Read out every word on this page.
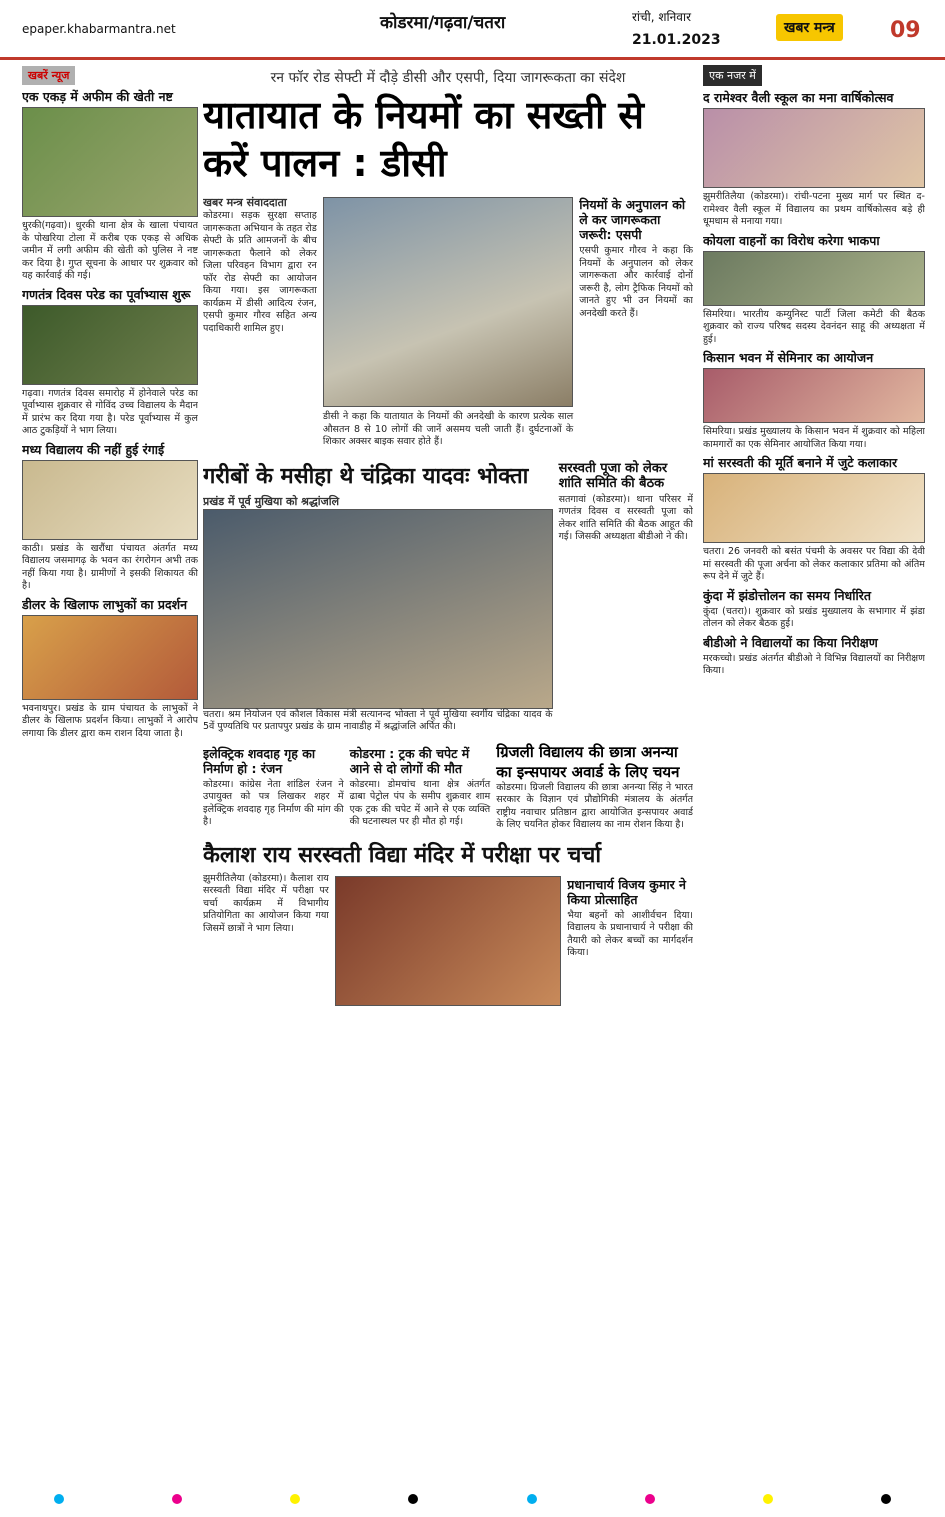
epaper.khabarmantra.net	कोडरमा/गढ़वा/चतरा	रांची, शनिवार
21.01.2023
खबर मन्त्र	09
खबरें न्यूज
एक एकड़ में अफीम की खेती नष्ट

धुरकी(गढ़वा)। धुरकी थाना क्षेत्र के खाला पंचायत के पोखरिया टोला में करीब एक एकड़ से अधिक जमीन में लगी अफीम की खेती को पुलिस ने नष्ट कर दिया है। गुप्त सूचना के आधार पर शुक्रवार को यह कार्रवाई की गई।

गणतंत्र दिवस परेड का पूर्वाभ्यास शुरू

गढ़वा। गणतंत्र दिवस समारोह में होनेवाले परेड का पूर्वाभ्यास शुक्रवार से गोविंद उच्च विद्यालय के मैदान में प्रारंभ कर दिया गया है। परेड पूर्वाभ्यास में कुल आठ टुकड़ियों ने भाग लिया।

मध्य विद्यालय की नहीं हुई रंगाई

काठी। प्रखंड के खरौंधा पंचायत अंतर्गत मध्य विद्यालय जसमागढ़ के भवन का रंगरोगन अभी तक नहीं किया गया है। ग्रामीणों ने इसकी शिकायत की है।

डीलर के खिलाफ लाभुकों का प्रदर्शन

भवनाथपुर। प्रखंड के ग्राम पंचायत के लाभुकों ने डीलर के खिलाफ प्रदर्शन किया। लाभुकों ने आरोप लगाया कि डीलर द्वारा कम राशन दिया जाता है।

रन फॉर रोड सेफ्टी में दौड़े डीसी और एसपी, दिया जागरूकता का संदेश
यातायात के नियमों का सख्ती से करें पालन : डीसी
खबर मन्त्र संवाददाता

कोडरमा। सड़क सुरक्षा सप्ताह जागरूकता अभियान के तहत रोड सेफ्टी के प्रति आमजनों के बीच जागरूकता फैलाने को लेकर जिला परिवहन विभाग द्वारा रन फॉर रोड सेफ्टी का आयोजन किया गया। इस जागरूकता कार्यक्रम में डीसी आदित्य रंजन, एसपी कुमार गौरव सहित अन्य पदाधिकारी शामिल हुए।

डीसी ने कहा कि यातायात के नियमों की अनदेखी के कारण प्रत्येक साल औसतन 8 से 10 लोगों की जानें असमय चली जाती हैं। दुर्घटनाओं के शिकार अक्सर बाइक सवार होते हैं।

नियमों के अनुपालन को ले कर जागरूकता जरूरी: एसपी

एसपी कुमार गौरव ने कहा कि नियमों के अनुपालन को लेकर जागरूकता और कार्रवाई दोनों जरूरी है, लोग ट्रैफिक नियमों को जानते हुए भी उन नियमों का अनदेखी करते हैं।

गरीबों के मसीहा थे चंद्रिका यादवः भोक्ता
प्रखंड में पूर्व मुखिया को श्रद्धांजलि

चतरा। श्रम नियोजन एवं कौशल विकास मंत्री सत्यानन्द भोक्ता ने पूर्व मुखिया स्वर्गीय चंद्रिका यादव के 5वें पुण्यतिथि पर प्रतापपुर प्रखंड के ग्राम नावाडीह में श्रद्धांजलि अर्पित की।

सरस्वती पूजा को लेकर शांति समिति की बैठक

सतगावां (कोडरमा)। थाना परिसर में गणतंत्र दिवस व सरस्वती पूजा को लेकर शांति समिति की बैठक आहूत की गई। जिसकी अध्यक्षता बीडीओ ने की।

इलेक्ट्रिक शवदाह गृह का निर्माण हो : रंजन

कोडरमा। कांग्रेस नेता शांडिल रंजन ने उपायुक्त को पत्र लिखकर शहर में इलेक्ट्रिक शवदाह गृह निर्माण की मांग की है।

कोडरमा : ट्रक की चपेट में आने से दो लोगों की मौत

कोडरमा। डोमचांच थाना क्षेत्र अंतर्गत ढाबा पेट्रोल पंप के समीप शुक्रवार शाम एक ट्रक की चपेट में आने से एक व्यक्ति की घटनास्थल पर ही मौत हो गई।

ग्रिजली विद्यालय की छात्रा अनन्या का इन्सपायर अवार्ड के लिए चयन

कोडरमा। ग्रिजली विद्यालय की छात्रा अनन्या सिंह ने भारत सरकार के विज्ञान एवं प्रौद्योगिकी मंत्रालय के अंतर्गत राष्ट्रीय नवाचार प्रतिष्ठान द्वारा आयोजित इन्सपायर अवार्ड के लिए चयनित होकर विद्यालय का नाम रोशन किया है।

कैलाश राय सरस्वती विद्या मंदिर में परीक्षा पर चर्चा

झुमरीतिलैया (कोडरमा)। कैलाश राय सरस्वती विद्या मंदिर में परीक्षा पर चर्चा कार्यक्रम में विभागीय प्रतियोगिता का आयोजन किया गया जिसमें छात्रों ने भाग लिया।

प्रधानाचार्य विजय कुमार ने किया प्रोत्साहित

भैया बहनों को आशीर्वचन दिया। विद्यालय के प्रधानाचार्य ने परीक्षा की तैयारी को लेकर बच्चों का मार्गदर्शन किया।

एक नजर में
द रामेश्वर वैली स्कूल का मना वार्षिकोत्सव

झुमरीतिलैया (कोडरमा)। रांची-पटना मुख्य मार्ग पर स्थित द-रामेश्वर वैली स्कूल में विद्यालय का प्रथम वार्षिकोत्सव बड़े ही धूमधाम से मनाया गया।

कोयला वाहनों का विरोध करेगा भाकपा

सिमरिया। भारतीय कम्युनिस्ट पार्टी जिला कमेटी की बैठक शुक्रवार को राज्य परिषद सदस्य देवनंदन साहू की अध्यक्षता में हुई।

किसान भवन में सेमिनार का आयोजन

सिमरिया। प्रखंड मुख्यालय के किसान भवन में शुक्रवार को महिला कामगारों का एक सेमिनार आयोजित किया गया।

मां सरस्वती की मूर्ति बनाने में जुटे कलाकार

चतरा। 26 जनवरी को बसंत पंचमी के अवसर पर विद्या की देवी मां सरस्वती की पूजा अर्चना को लेकर कलाकार प्रतिमा को अंतिम रूप देने में जुटे हैं।

कुंदा में झंडोत्तोलन का समय निर्धारित

कुंदा (चतरा)। शुक्रवार को प्रखंड मुख्यालय के सभागार में झंडा तोलन को लेकर बैठक हुई।

बीडीओ ने विद्यालयों का किया निरीक्षण

मरकच्चो। प्रखंड अंतर्गत बीडीओ ने विभिन्न विद्यालयों का निरीक्षण किया।
